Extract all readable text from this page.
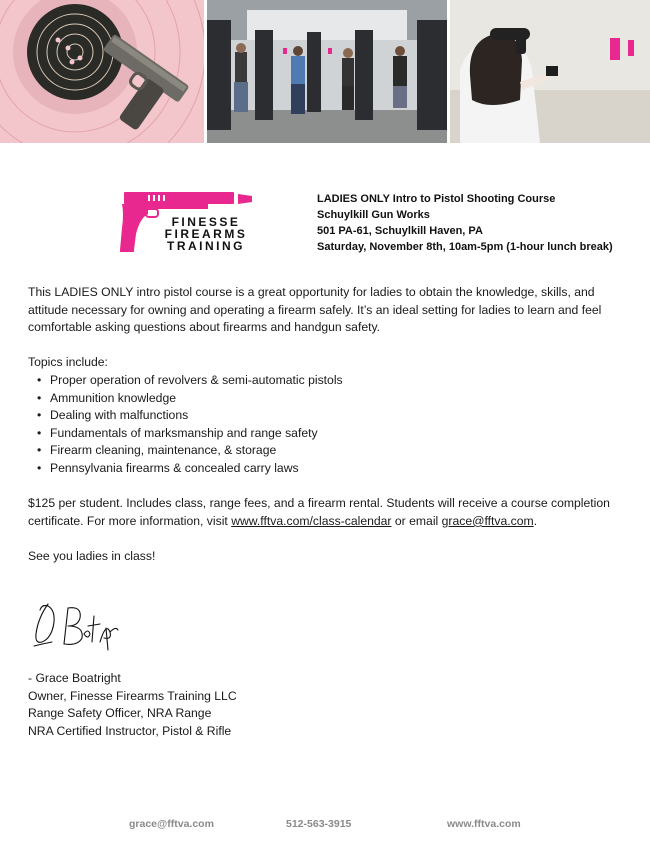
FINESSE
FIREARMS
TRAINING
LADIES ONLY Intro to Pistol Shooting Course
Schuylkill Gun Works
501 PA-61, Schuylkill Haven, PA
Saturday, November 8th, 10am-5pm (1-hour lunch break)

This LADIES ONLY intro pistol course is a great opportunity for ladies to obtain the knowledge, skills, and attitude necessary for owning and operating a firearm safely. It’s an ideal setting for ladies to learn and feel comfortable asking questions about firearms and handgun safety.

Topics include:

• Proper operation of revolvers & semi-automatic pistols
• Ammunition knowledge
• Dealing with malfunctions
• Fundamentals of marksmanship and range safety
• Firearm cleaning, maintenance, & storage
• Pennsylvania firearms & concealed carry laws

$125 per student. Includes class, range fees, and a firearm rental. Students will receive a course completion certificate. For more information, visit www.fftva.com/class-calendar or email grace@fftva.com.

See you ladies in class!

- Grace Boatright
Owner, Finesse Firearms Training LLC
Range Safety Officer, NRA Range
NRA Certified Instructor, Pistol & Rifle
grace@fftva.com	512-563-3915	www.fftva.com
